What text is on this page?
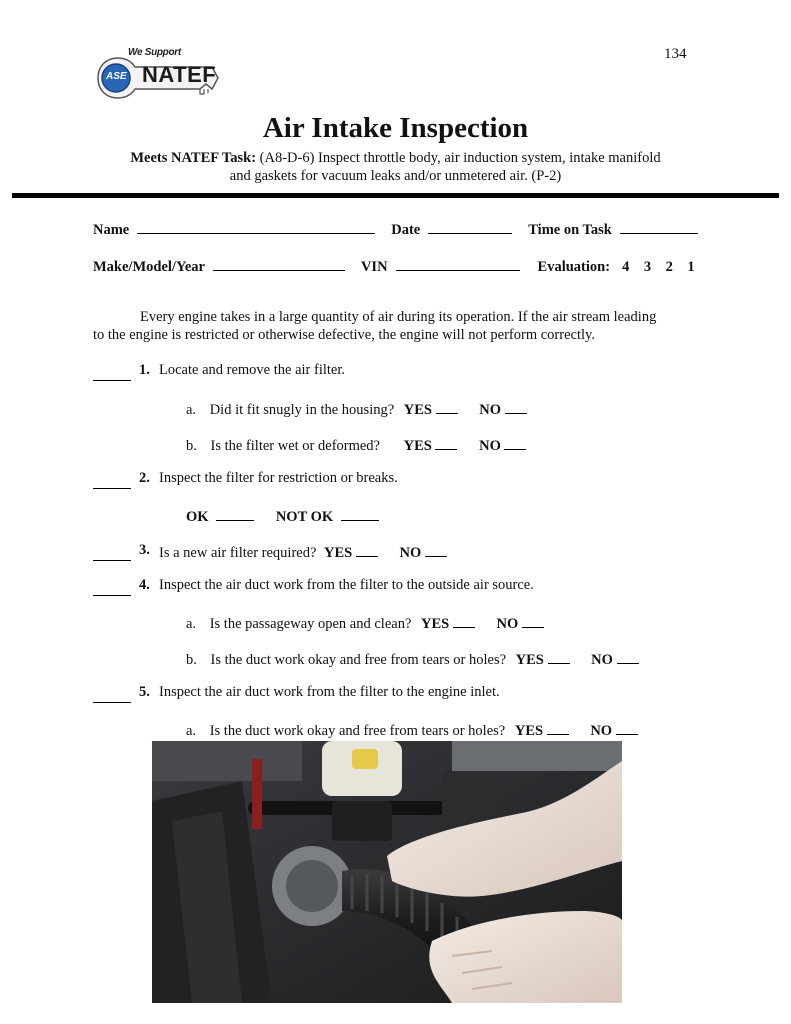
134
We Support
ASE NATEF
Air Intake Inspection
Meets NATEF Task: (A8-D-6) Inspect throttle body, air induction system, intake manifold
and gaskets for vacuum leaks and/or unmetered air. (P-2)
Name	Date	Time on Task
Make/Model/Year	VIN	Evaluation: 4    3    2    1
Every engine takes in a large quantity of air during its operation. If the air stream leading
to the engine is restricted or otherwise defective, the engine will not perform correctly.
1. Locate and remove the air filter.
a. Did it fit snugly in the housing? YES	NO
b. Is the filter wet or deformed? YES	NO
2. Inspect the filter for restriction or breaks.
OK	NOT OK
3. Is a new air filter required? YES	NO
4. Inspect the air duct work from the filter to the outside air source.
a. Is the passageway open and clean? YES	NO
b. Is the duct work okay and free from tears or holes? YES	NO
5. Inspect the air duct work from the filter to the engine inlet.
a. Is the duct work okay and free from tears or holes? YES	NO
